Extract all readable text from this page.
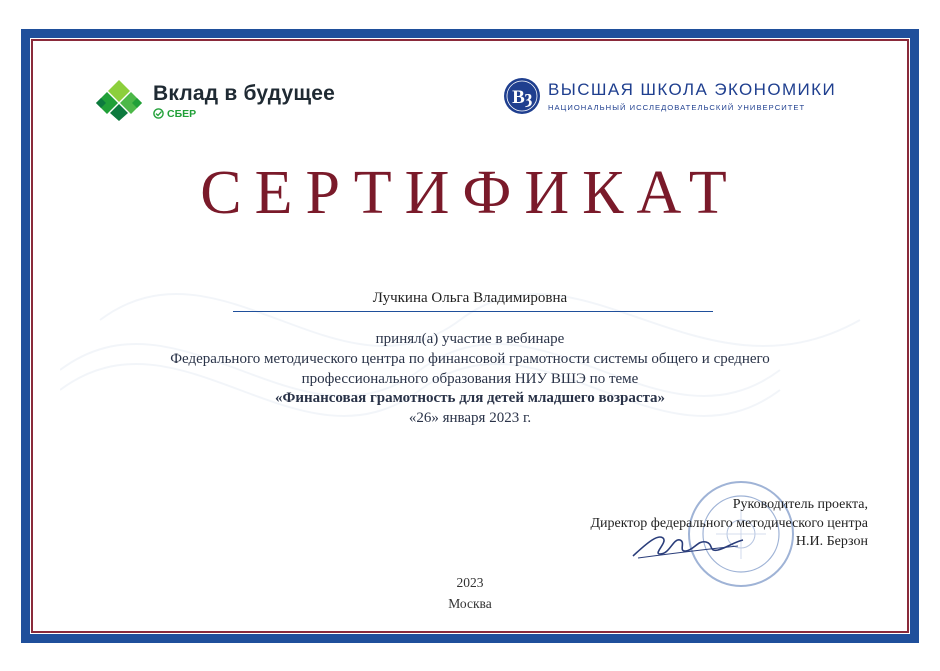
Вклад в будущее
СБЕР
Вȝ ВЫСШАЯ ШКОЛА ЭКОНОМИКИ
НАЦИОНАЛЬНЫЙ ИССЛЕДОВАТЕЛЬСКИЙ УНИВЕРСИТЕТ
СЕРТИФИКАТ
Лучкина Ольга Владимировна
принял(а) участие в вебинаре
Федерального методического центра по финансовой грамотности системы общего и среднего
профессионального образования НИУ ВШЭ по теме
«Финансовая грамотность для детей младшего возраста»
«26» января 2023 г.
Руководитель проекта,
Директор федерального методического центра
Н.И. Берзон
2023
Москва
